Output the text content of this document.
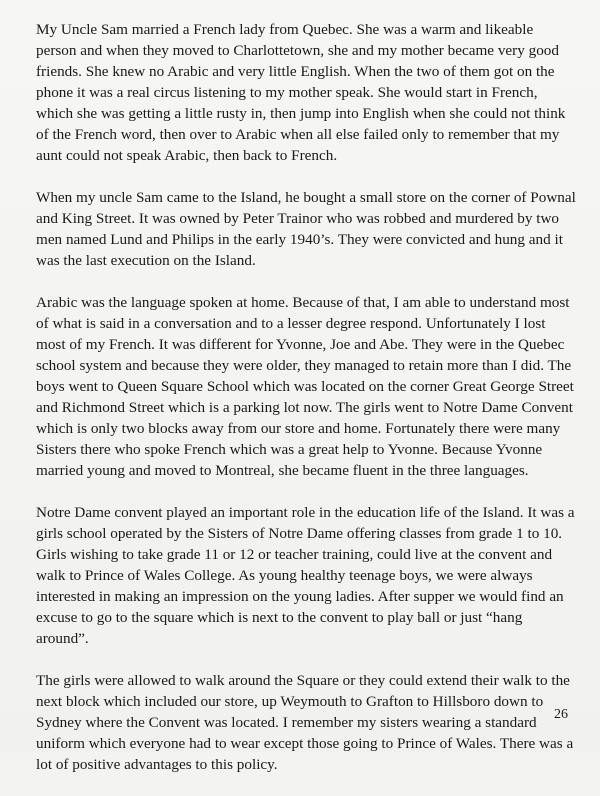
My Uncle Sam married a French lady from Quebec. She was a warm and likeable person and when they moved to Charlottetown, she and my mother became very good friends. She knew no Arabic and very little English. When the two of them got on the phone it was a real circus listening to my mother speak. She would start in French, which she was getting a little rusty in, then jump into English when she could not think of the French word, then over to Arabic when all else failed only to remember that my aunt could not speak Arabic, then back to French.

When my uncle Sam came to the Island, he bought a small store on the corner of Pownal and King Street. It was owned by Peter Trainor who was robbed and murdered by two men named Lund and Philips in the early 1940’s. They were convicted and hung and it was the last execution on the Island.

Arabic was the language spoken at home. Because of that, I am able to understand most of what is said in a conversation and to a lesser degree respond. Unfortunately I lost most of my French. It was different for Yvonne, Joe and Abe. They were in the Quebec school system and because they were older, they managed to retain more than I did. The boys went to Queen Square School which was located on the corner Great George Street and Richmond Street which is a parking lot now. The girls went to Notre Dame Convent which is only two blocks away from our store and home. Fortunately there were many Sisters there who spoke French which was a great help to Yvonne. Because Yvonne married young and moved to Montreal, she became fluent in the three languages.

Notre Dame convent played an important role in the education life of the Island. It was a girls school operated by the Sisters of Notre Dame offering classes from grade 1 to 10. Girls wishing to take grade 11 or 12 or teacher training, could live at the convent and walk to Prince of Wales College. As young healthy teenage boys, we were always interested in making an impression on the young ladies. After supper we would find an excuse to go to the square which is next to the convent to play ball or just “hang around”.

The girls were allowed to walk around the Square or they could extend their walk to the next block which included our store, up Weymouth to Grafton to Hillsboro down to Sydney where the Convent was located. I remember my sisters wearing a standard uniform which everyone had to wear except those going to Prince of Wales. There was a lot of positive advantages to this policy.

26
